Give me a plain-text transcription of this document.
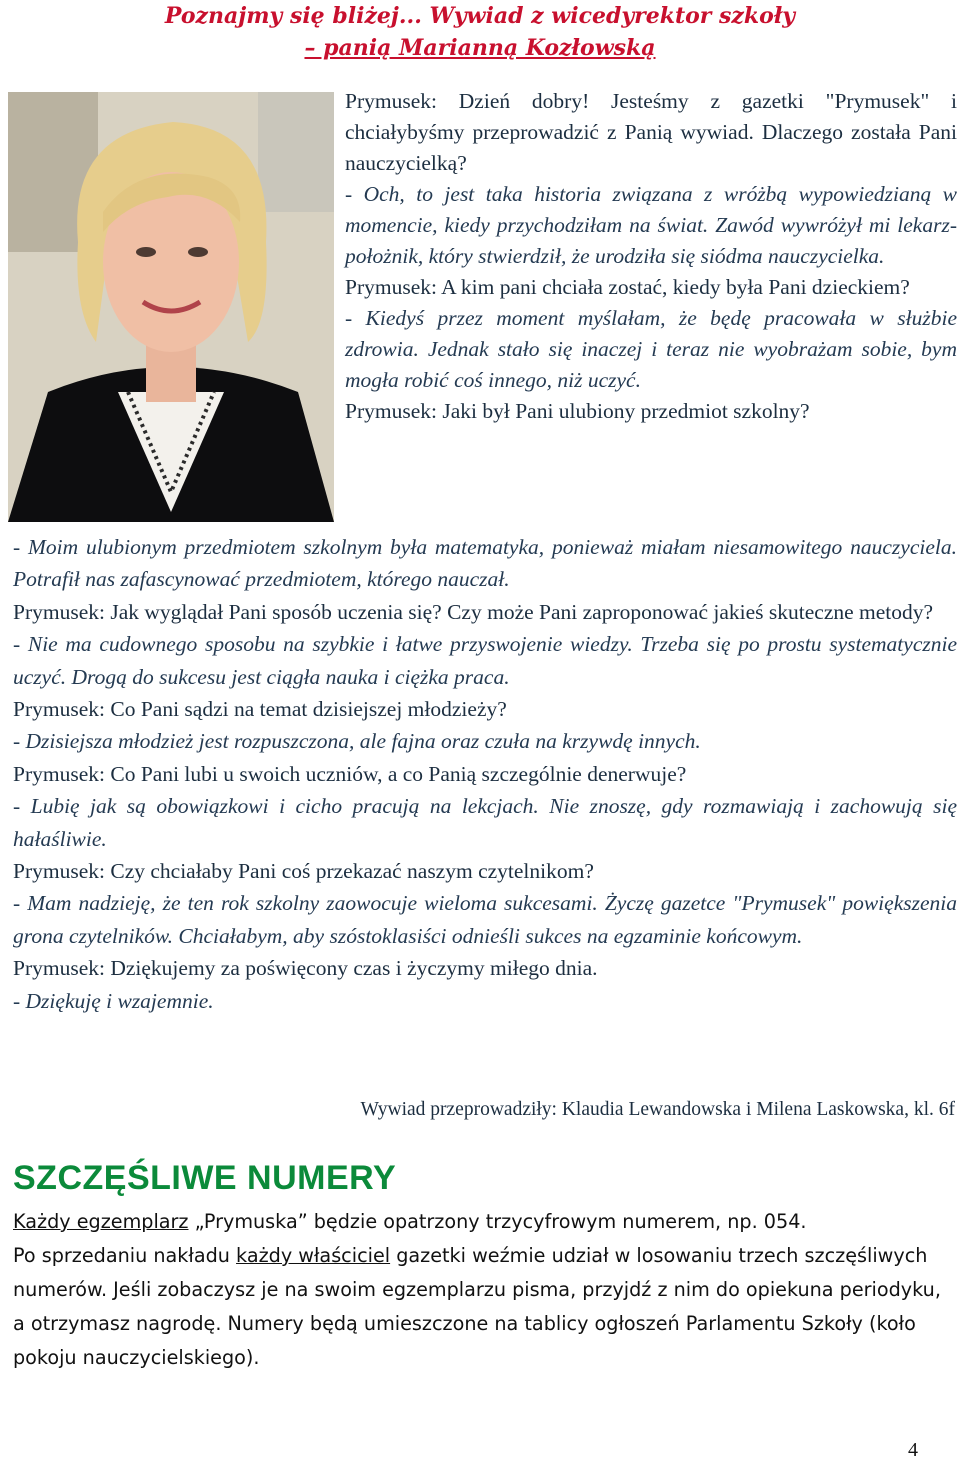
Poznajmy się bliżej... Wywiad z wicedyrektor szkoły
– panią Marianną Kozłowską

Prymusek: Dzień dobry! Jesteśmy z gazetki "Prymusek" i chciałybyśmy przeprowadzić z Panią wywiad. Dlaczego została Pani nauczycielką?

- Och, to jest taka historia związana z wróżbą wypowiedzianą w momencie, kiedy przychodziłam na świat. Zawód wywróżył mi lekarz-położnik, który stwierdził, że urodziła się siódma nauczycielka.

Prymusek: A kim pani chciała zostać, kiedy była Pani dzieckiem?

- Kiedyś przez moment myślałam, że będę pracowała w służbie zdrowia. Jednak stało się inaczej i teraz nie wyobrażam sobie, bym mogła robić coś innego, niż uczyć.

Prymusek: Jaki był Pani ulubiony przedmiot szkolny?

- Moim ulubionym przedmiotem szkolnym była matematyka, ponieważ miałam niesamowitego nauczyciela. Potrafił nas zafascynować przedmiotem, którego nauczał.

Prymusek: Jak wyglądał Pani sposób uczenia się? Czy może Pani zaproponować jakieś skuteczne metody?

- Nie ma cudownego sposobu na szybkie i łatwe przyswojenie wiedzy. Trzeba się po prostu systematycznie uczyć. Drogą do sukcesu jest ciągła nauka i ciężka praca.

Prymusek: Co Pani sądzi na temat dzisiejszej młodzieży?

- Dzisiejsza młodzież jest rozpuszczona, ale fajna oraz czuła na krzywdę innych.

Prymusek: Co Pani lubi u swoich uczniów, a co Panią szczególnie denerwuje?

- Lubię jak są obowiązkowi i cicho pracują na lekcjach. Nie znoszę, gdy rozmawiają i zachowują się hałaśliwie.

Prymusek: Czy chciałaby Pani coś przekazać naszym czytelnikom?

- Mam nadzieję, że ten rok szkolny zaowocuje wieloma sukcesami. Życzę gazetce "Prymusek" powiększenia grona czytelników. Chciałabym, aby szóstoklasiści odnieśli sukces na egzaminie końcowym.

Prymusek: Dziękujemy za poświęcony czas i życzymy miłego dnia.

- Dziękuję i wzajemnie.

Wywiad przeprowadziły: Klaudia Lewandowska i Milena Laskowska, kl. 6f
SZCZĘŚLIWE NUMERY
Każdy egzemplarz „Prymuska” będzie opatrzony trzycyfrowym numerem, np. 054.
Po sprzedaniu nakładu każdy właściciel gazetki weźmie udział w losowaniu trzech szczęśliwych numerów. Jeśli zobaczysz je na swoim egzemplarzu pisma, przyjdź z nim do opiekuna periodyku, a otrzymasz nagrodę. Numery będą umieszczone na tablicy ogłoszeń Parlamentu Szkoły (koło pokoju nauczycielskiego).
4
